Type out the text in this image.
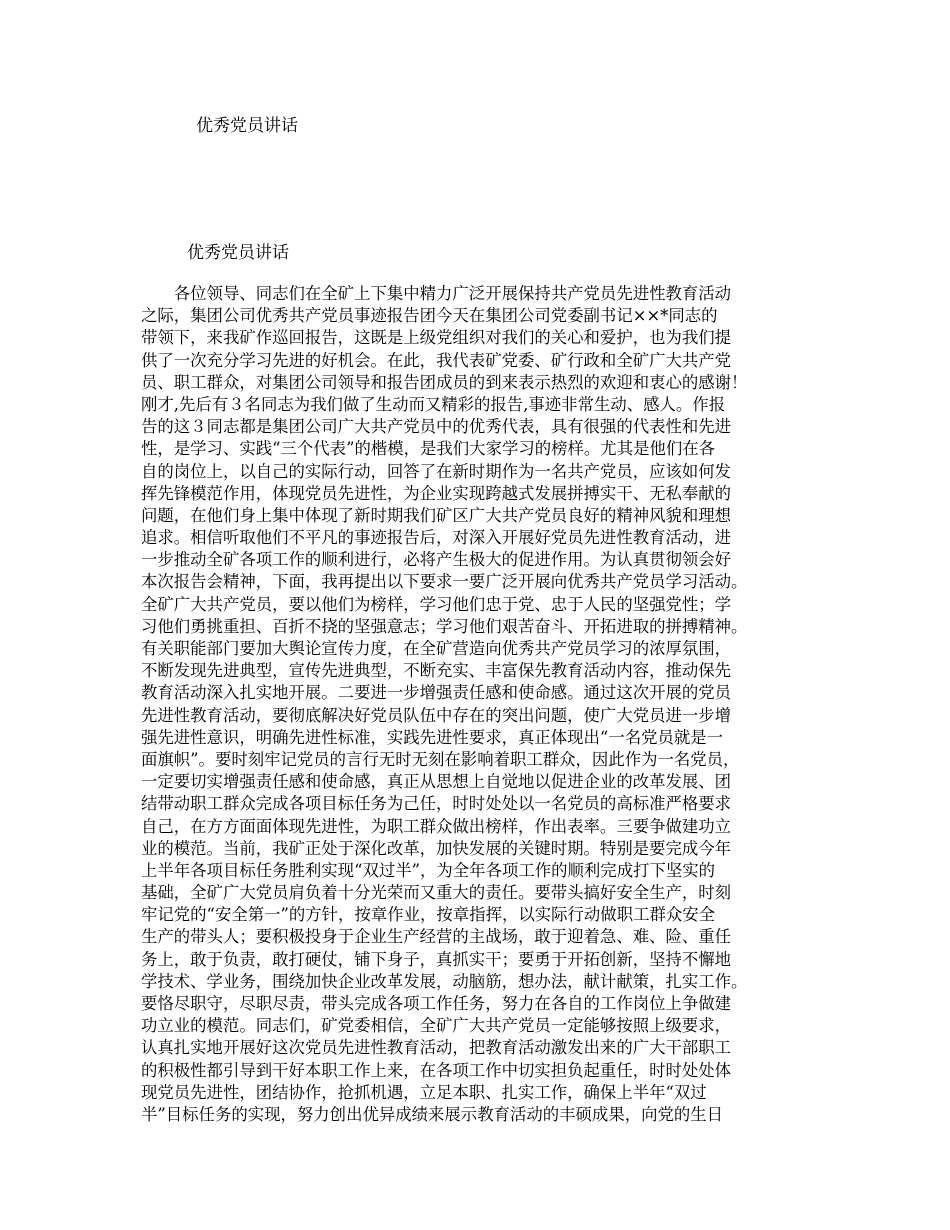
优秀党员讲话
优秀党员讲话
　　各位领导、同志们在全矿上下集中精力广泛开展保持共产党员先进性教育活动
之际，集团公司优秀共产党员事迹报告团今天在集团公司党委副书记××*同志的
带领下，来我矿作巡回报告，这既是上级党组织对我们的关心和爱护，也为我们提
供了一次充分学习先进的好机会。在此，我代表矿党委、矿行政和全矿广大共产党
员、职工群众，对集团公司领导和报告团成员的到来表示热烈的欢迎和衷心的感谢！
刚才,先后有３名同志为我们做了生动而又精彩的报告,事迹非常生动、感人。作报
告的这３同志都是集团公司广大共产党员中的优秀代表，具有很强的代表性和先进
性，是学习、实践“三个代表”的楷模，是我们大家学习的榜样。尤其是他们在各
自的岗位上，以自己的实际行动，回答了在新时期作为一名共产党员，应该如何发
挥先锋模范作用，体现党员先进性，为企业实现跨越式发展拼搏实干、无私奉献的
问题，在他们身上集中体现了新时期我们矿区广大共产党员良好的精神风貌和理想
追求。相信听取他们不平凡的事迹报告后，对深入开展好党员先进性教育活动，进
一步推动全矿各项工作的顺利进行，必将产生极大的促进作用。为认真贯彻领会好
本次报告会精神，下面，我再提出以下要求一要广泛开展向优秀共产党员学习活动。
全矿广大共产党员，要以他们为榜样，学习他们忠于党、忠于人民的坚强党性；学
习他们勇挑重担、百折不挠的坚强意志；学习他们艰苦奋斗、开拓进取的拼搏精神。
有关职能部门要加大舆论宣传力度，在全矿营造向优秀共产党员学习的浓厚氛围，
不断发现先进典型，宣传先进典型，不断充实、丰富保先教育活动内容，推动保先
教育活动深入扎实地开展。二要进一步增强责任感和使命感。通过这次开展的党员
先进性教育活动，要彻底解决好党员队伍中存在的突出问题，使广大党员进一步增
强先进性意识，明确先进性标准，实践先进性要求，真正体现出“一名党员就是一
面旗帜”。要时刻牢记党员的言行无时无刻在影响着职工群众，因此作为一名党员，
一定要切实增强责任感和使命感，真正从思想上自觉地以促进企业的改革发展、团
结带动职工群众完成各项目标任务为己任，时时处处以一名党员的高标准严格要求
自己，在方方面面体现先进性，为职工群众做出榜样，作出表率。三要争做建功立
业的模范。当前，我矿正处于深化改革，加快发展的关键时期。特别是要完成今年
上半年各项目标任务胜利实现“双过半”，为全年各项工作的顺利完成打下坚实的
基础，全矿广大党员肩负着十分光荣而又重大的责任。要带头搞好安全生产，时刻
牢记党的“安全第一”的方针，按章作业，按章指挥，以实际行动做职工群众安全
生产的带头人；要积极投身于企业生产经营的主战场，敢于迎着急、难、险、重任
务上，敢于负责，敢打硬仗，铺下身子，真抓实干；要勇于开拓创新，坚持不懈地
学技术、学业务，围绕加快企业改革发展，动脑筋，想办法，献计献策，扎实工作。
要恪尽职守，尽职尽责，带头完成各项工作任务，努力在各自的工作岗位上争做建
功立业的模范。同志们，矿党委相信，全矿广大共产党员一定能够按照上级要求，
认真扎实地开展好这次党员先进性教育活动，把教育活动激发出来的广大干部职工
的积极性都引导到干好本职工作上来，在各项工作中切实担负起重任，时时处处体
现党员先进性，团结协作，抢抓机遇，立足本职、扎实工作，确保上半年“双过
半”目标任务的实现，努力创出优异成绩来展示教育活动的丰硕成果，向党的生日
